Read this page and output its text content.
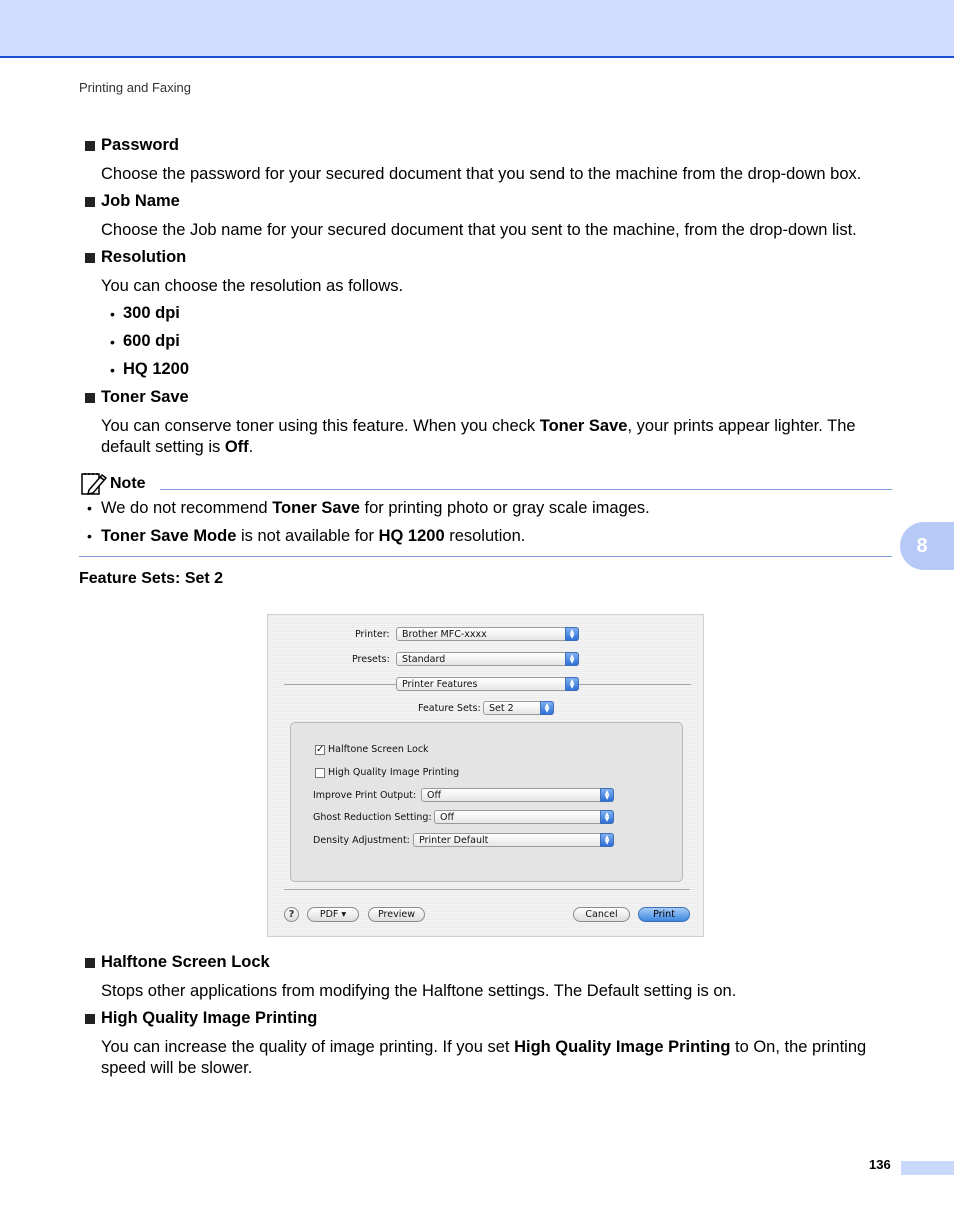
Printing and Faxing
Password
Choose the password for your secured document that you send to the machine from the drop-down box.
Job Name
Choose the Job name for your secured document that you sent to the machine, from the drop-down list.
Resolution
You can choose the resolution as follows.
• 300 dpi
• 600 dpi
• HQ 1200
Toner Save
You can conserve toner using this feature. When you check Toner Save, your prints appear lighter. The
default setting is Off.
Note
• We do not recommend Toner Save for printing photo or gray scale images.
• Toner Save Mode is not available for HQ 1200 resolution.	8
Feature Sets: Set 2
Printer: Brother MFC-xxxx	▲
▼
Presets: Standard	▲
▼
Printer Features	▲
▼
Feature Sets: Set 2	▲
▼
✓ Halftone Screen Lock
High Quality Image Printing
Improve Print Output: Off	▲
▼
Ghost Reduction Setting: Off	▲
▼
Density Adjustment: Printer Default	▲
▼
?	PDF ▾	Preview	Cancel	Print
Halftone Screen Lock
Stops other applications from modifying the Halftone settings. The Default setting is on.
High Quality Image Printing
You can increase the quality of image printing. If you set High Quality Image Printing to On, the printing
speed will be slower.
136
